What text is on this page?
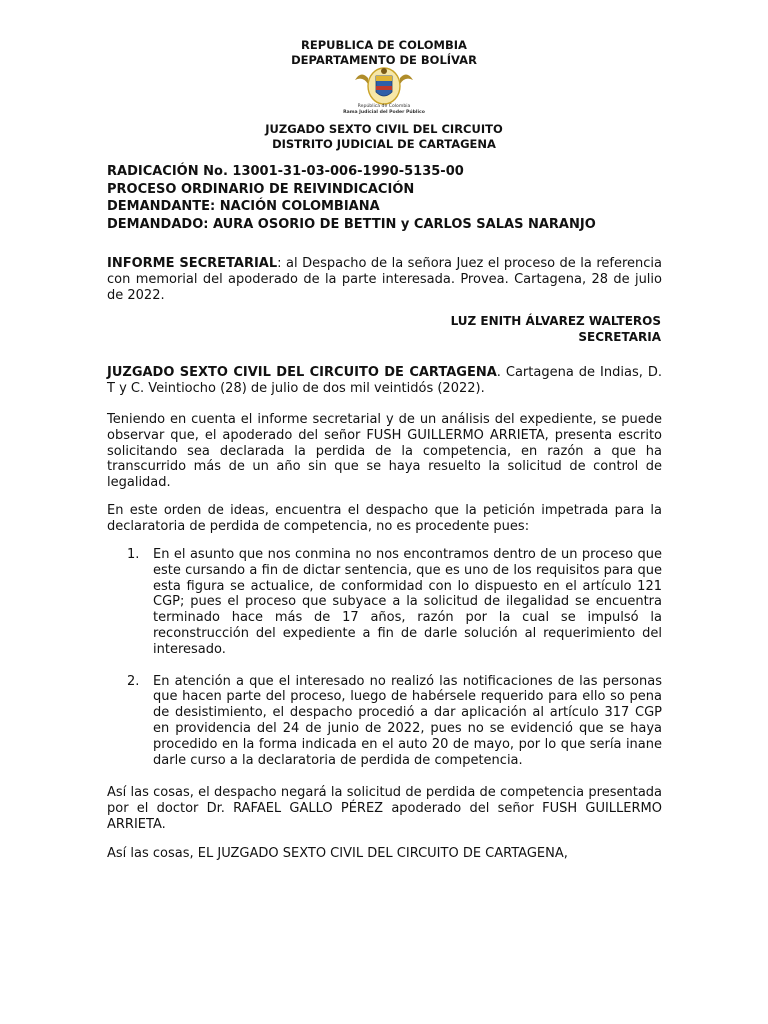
REPUBLICA DE COLOMBIA
DEPARTAMENTO DE BOLÍVAR
República de Colombia
Rama Judicial del Poder Público
JUZGADO SEXTO CIVIL DEL CIRCUITO
DISTRITO JUDICIAL DE CARTAGENA
RADICACIÓN No. 13001-31-03-006-1990-5135-00
PROCESO ORDINARIO DE REIVINDICACIÓN
DEMANDANTE: NACIÓN COLOMBIANA
DEMANDADO: AURA OSORIO DE BETTIN y CARLOS SALAS NARANJO

INFORME SECRETARIAL: al Despacho de la señora Juez el proceso de la referencia con memorial del apoderado de la parte interesada. Provea. Cartagena, 28 de julio de 2022.

LUZ ENITH ÁLVAREZ WALTEROS
SECRETARIA

JUZGADO SEXTO CIVIL DEL CIRCUITO DE CARTAGENA. Cartagena de Indias, D. T y C. Veintiocho (28) de julio de dos mil veintidós (2022).

Teniendo en cuenta el informe secretarial y de un análisis del expediente, se puede observar que, el apoderado del señor FUSH GUILLERMO ARRIETA, presenta escrito solicitando sea declarada la perdida de la competencia, en razón a que ha transcurrido más de un año sin que se haya resuelto la solicitud de control de legalidad.

En este orden de ideas, encuentra el despacho que la petición impetrada para la declaratoria de perdida de competencia, no es procedente pues:

1. En el asunto que nos conmina no nos encontramos dentro de un proceso que este cursando a fin de dictar sentencia, que es uno de los requisitos para que esta figura se actualice, de conformidad con lo dispuesto en el artículo 121 CGP; pues el proceso que subyace a la solicitud de ilegalidad se encuentra terminado hace más de 17 años, razón por la cual se impulsó la reconstrucción del expediente a fin de darle solución al requerimiento del interesado.
2. En atención a que el interesado no realizó las notificaciones de las personas que hacen parte del proceso, luego de habérsele requerido para ello so pena de desistimiento, el despacho procedió a dar aplicación al artículo 317 CGP en providencia del 24 de junio de 2022, pues no se evidenció que se haya procedido en la forma indicada en el auto 20 de mayo, por lo que sería inane darle curso a la declaratoria de perdida de competencia.

Así las cosas, el despacho negará la solicitud de perdida de competencia presentada por el doctor Dr. RAFAEL GALLO PÉREZ apoderado del señor FUSH GUILLERMO ARRIETA.

Así las cosas, EL JUZGADO SEXTO CIVIL DEL CIRCUITO DE CARTAGENA,
